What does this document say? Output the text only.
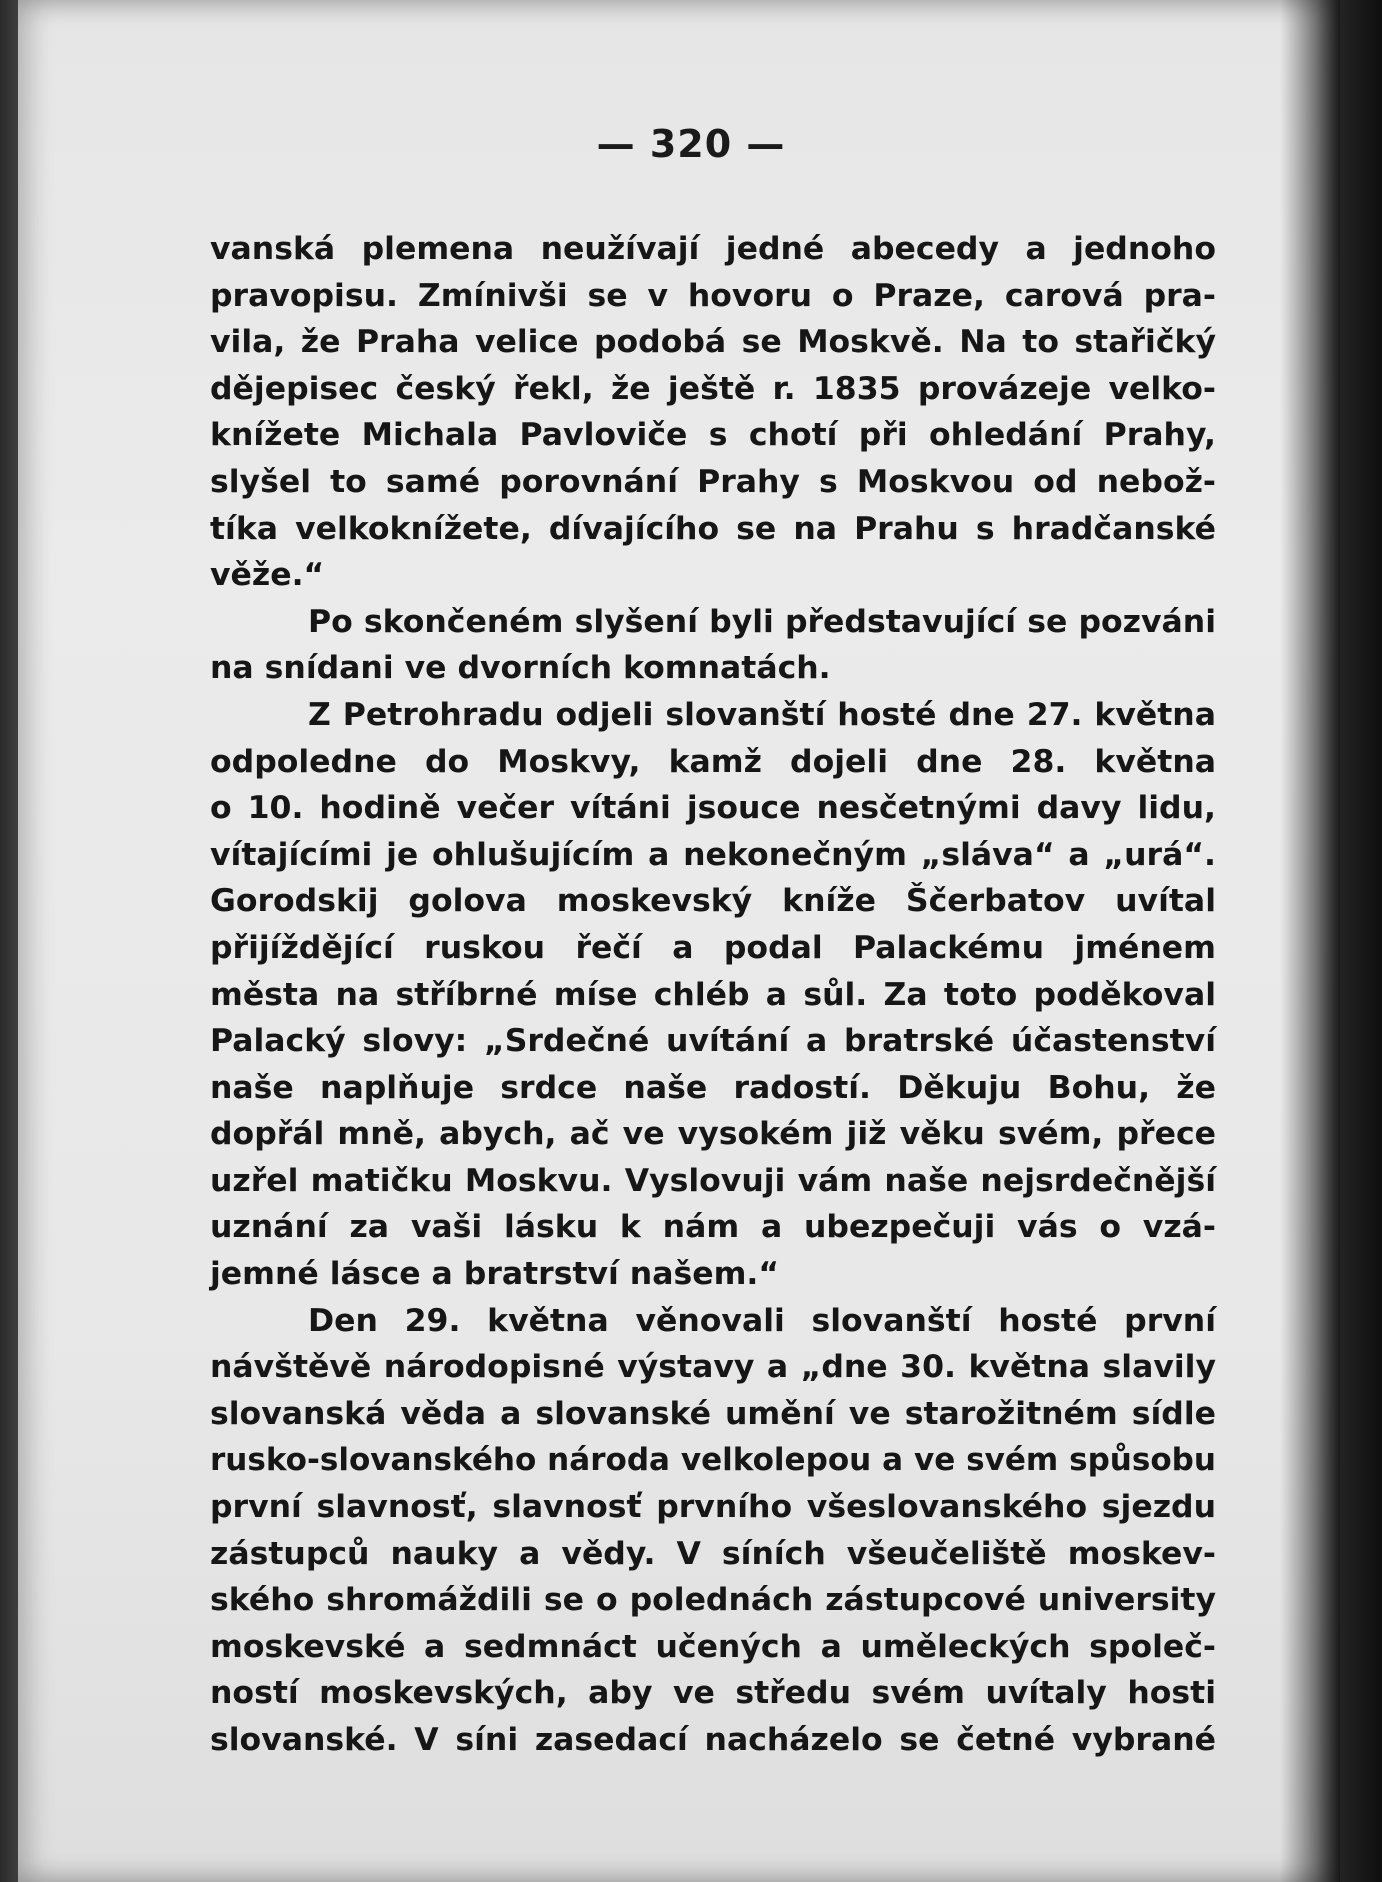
— 320 —
vanská plemena neužívají jedné abecedy a jednoho
pravopisu. Zmínivši se v hovoru o Praze, carová pra-
vila, že Praha velice podobá se Moskvě. Na to stařičký
dějepisec český řekl, že ještě r. 1835 provázeje velko-
knížete Michala Pavloviče s chotí při ohledání Prahy,
slyšel to samé porovnání Prahy s Moskvou od nebož-
tíka velkoknížete, dívajícího se na Prahu s hradčanské
věže.“
Po skončeném slyšení byli představující se pozváni
na snídani ve dvorních komnatách.
Z Petrohradu odjeli slovanští hosté dne 27. května
odpoledne do Moskvy, kamž dojeli dne 28. května
o 10. hodině večer vítáni jsouce nesčetnými davy lidu,
vítajícími je ohlušujícím a nekonečným „sláva“ a „urá“.
Gorodskij golova moskevský kníže Ščerbatov uvítal
přijíždějící ruskou řečí a podal Palackému jménem
města na stříbrné míse chléb a sůl. Za toto poděkoval
Palacký slovy: „Srdečné uvítání a bratrské účastenství
naše naplňuje srdce naše radostí. Děkuju Bohu, že
dopřál mně, abych, ač ve vysokém již věku svém, přece
uzřel matičku Moskvu. Vyslovuji vám naše nejsrdečnější
uznání za vaši lásku k nám a ubezpečuji vás o vzá-
jemné lásce a bratrství našem.“
Den 29. května věnovali slovanští hosté první
návštěvě národopisné výstavy a „dne 30. května slavily
slovanská věda a slovanské umění ve starožitném sídle
rusko-slovanského národa velkolepou a ve svém spůsobu
první slavnosť, slavnosť prvního všeslovanského sjezdu
zástupců nauky a vědy. V síních všeučeliště moskev-
ského shromáždili se o polednách zástupcové university
moskevské a sedmnáct učených a uměleckých společ-
ností moskevských, aby ve středu svém uvítaly hosti
slovanské. V síni zasedací nacházelo se četné vybrané
